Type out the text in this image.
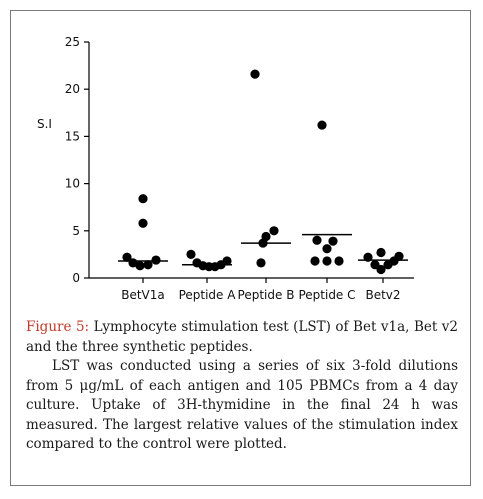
0
5
10
15
20
25
S.I
BetV1a Peptide A Peptide B Peptide C Betv2

Figure 5: Lymphocyte stimulation test (LST) of Bet v1a, Bet v2 and the three synthetic peptides.

LST was conducted using a series of six 3-fold dilutions from 5 μg/mL of each antigen and 105 PBMCs from a 4 day culture. Uptake of 3H-thymidine in the final 24 h was measured. The largest relative values of the stimulation index compared to the control were plotted.
